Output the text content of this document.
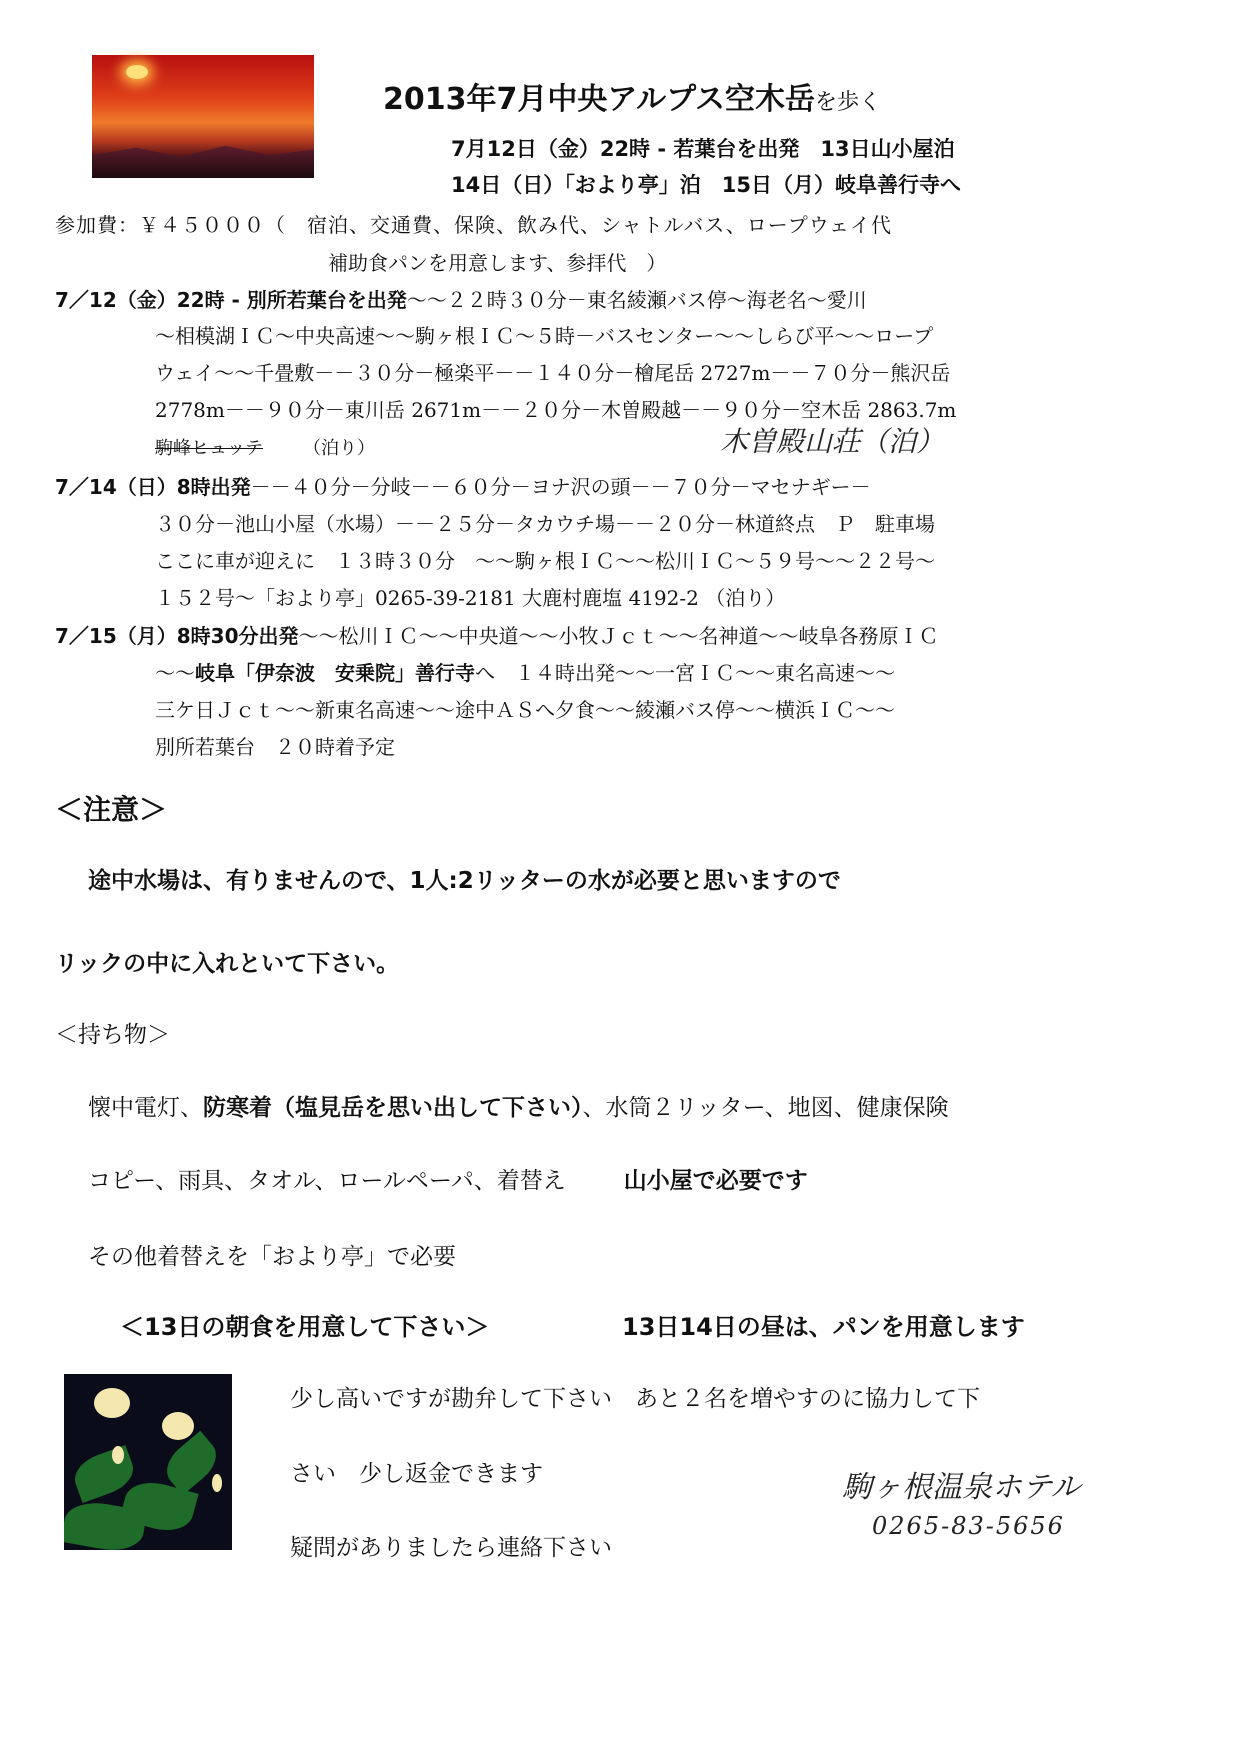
2013年7月中央アルプス空木岳を歩く
7月12日（金）22時 - 若葉台を出発　13日山小屋泊
14日（日）「おより亭」泊　15日（月）岐阜善行寺へ
参加費：￥４５０００（　宿泊、交通費、保険、飲み代、シャトルバス、ロープウェイ代
補助食パンを用意します、参拝代　）
7／12（金）22時 - 別所若葉台を出発～～２２時３０分－東名綾瀬バス停～海老名～愛川
～相模湖ＩＣ～中央高速～～駒ヶ根ＩＣ～５時－バスセンター～～しらび平～～ロープ
ウェイ～～千畳敷－－３０分－極楽平－－１４０分－檜尾岳 2727m－－７０分－熊沢岳
2778m－－９０分－東川岳 2671m－－２０分－木曽殿越－－９０分－空木岳 2863.7m
駒峰ヒュッテ （泊り）	木曽殿山荘（泊）
7／14（日）8時出発－－４０分－分岐－－６０分－ヨナ沢の頭－－７０分－マセナギー－
３０分－池山小屋（水場）－－２５分－タカウチ場－－２０分－林道終点　Ｐ　駐車場
ここに車が迎えに　１３時３０分　～～駒ヶ根ＩＣ～～松川ＩＣ～５９号～～２２号～
１５２号～「おより亭」0265-39-2181 大鹿村鹿塩 4192-2 （泊り）
7／15（月）8時30分出発～～松川ＩＣ～～中央道～～小牧Ｊｃｔ～～名神道～～岐阜各務原ＩＣ
～～岐阜「伊奈波　安乗院」善行寺へ　１４時出発～～一宮ＩＣ～～東名高速～～
三ケ日Ｊｃｔ～～新東名高速～～途中ＡＳへ夕食～～綾瀬バス停～～横浜ＩＣ～～
別所若葉台　２０時着予定
＜注意＞
途中水場は、有りませんので、1人:2リッターの水が必要と思いますので
リックの中に入れといて下さい。
＜持ち物＞
懐中電灯、防寒着（塩見岳を思い出して下さい）、水筒２リッター、地図、健康保険
コピー、雨具、タオル、ロールペーパ、着替え	山小屋で必要です
その他着替えを「おより亭」で必要
＜13日の朝食を用意して下さい＞	13日14日の昼は、パンを用意します
少し高いですが勘弁して下さい　あと２名を増やすのに協力して下
さい　少し返金できます
疑問がありましたら連絡下さい
駒ヶ根温泉ホテル
0265-83-5656
